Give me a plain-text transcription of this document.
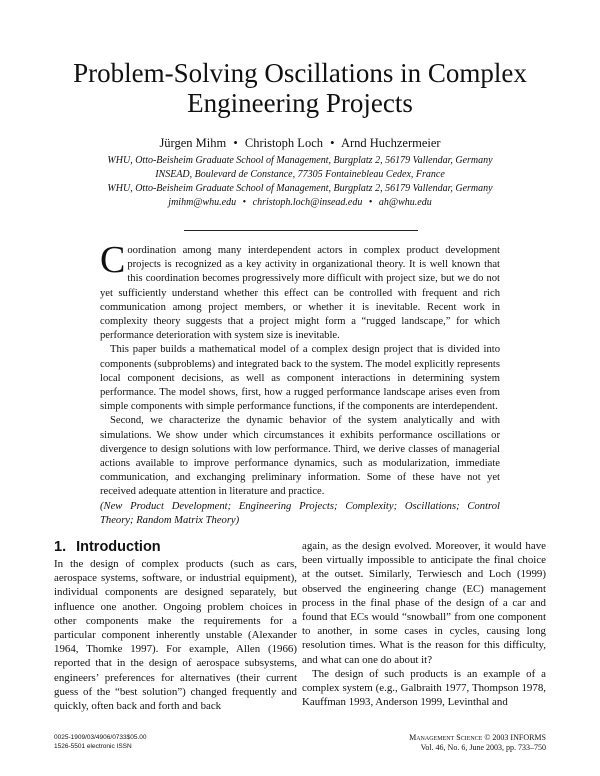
Problem-Solving Oscillations in Complex
Engineering Projects
Jürgen Mihm • Christoph Loch • Arnd Huchzermeier
WHU, Otto-Beisheim Graduate School of Management, Burgplatz 2, 56179 Vallendar, Germany
INSEAD, Boulevard de Constance, 77305 Fontainebleau Cedex, France
WHU, Otto-Beisheim Graduate School of Management, Burgplatz 2, 56179 Vallendar, Germany
jmihm@whu.edu • christoph.loch@insead.edu • ah@whu.edu

Coordination among many interdependent actors in complex product development projects is recognized as a key activity in organizational theory. It is well known that this coordination becomes progressively more difficult with project size, but we do not yet sufficiently understand whether this effect can be controlled with frequent and rich communication among project members, or whether it is inevitable. Recent work in complexity theory suggests that a project might form a “rugged landscape,” for which performance deterioration with system size is inevitable.

This paper builds a mathematical model of a complex design project that is divided into components (subproblems) and integrated back to the system. The model explicitly represents local component decisions, as well as component interactions in determining system performance. The model shows, first, how a rugged performance landscape arises even from simple components with simple performance functions, if the components are interdependent.

Second, we characterize the dynamic behavior of the system analytically and with simulations. We show under which circumstances it exhibits performance oscillations or divergence to design solutions with low performance. Third, we derive classes of managerial actions available to improve performance dynamics, such as modularization, immediate communication, and exchanging preliminary information. Some of these have not yet received adequate attention in literature and practice.

(New Product Development; Engineering Projects; Complexity; Oscillations; Control Theory; Random Matrix Theory)

1. Introduction

In the design of complex products (such as cars, aerospace systems, software, or industrial equipment), individual components are designed separately, but influence one another. Ongoing problem choices in other components make the requirements for a particular component inherently unstable (Alexander 1964, Thomke 1997). For example, Allen (1966) reported that in the design of aerospace subsystems, engineers’ preferences for alternatives (their current guess of the “best solution”) changed frequently and quickly, often back and forth and back

again, as the design evolved. Moreover, it would have been virtually impossible to anticipate the final choice at the outset. Similarly, Terwiesch and Loch (1999) observed the engineering change (EC) management process in the final phase of the design of a car and found that ECs would “snowball” from one component to another, in some cases in cycles, causing long resolution times. What is the reason for this difficulty, and what can one do about it?

The design of such products is an example of a complex system (e.g., Galbraith 1977, Thompson 1978, Kauffman 1993, Anderson 1999, Levinthal and

0025-1909/03/4906/0733$05.00
1526-5501 electronic ISSN
Management Science © 2003 INFORMS
Vol. 46, No. 6, June 2003, pp. 733–750
